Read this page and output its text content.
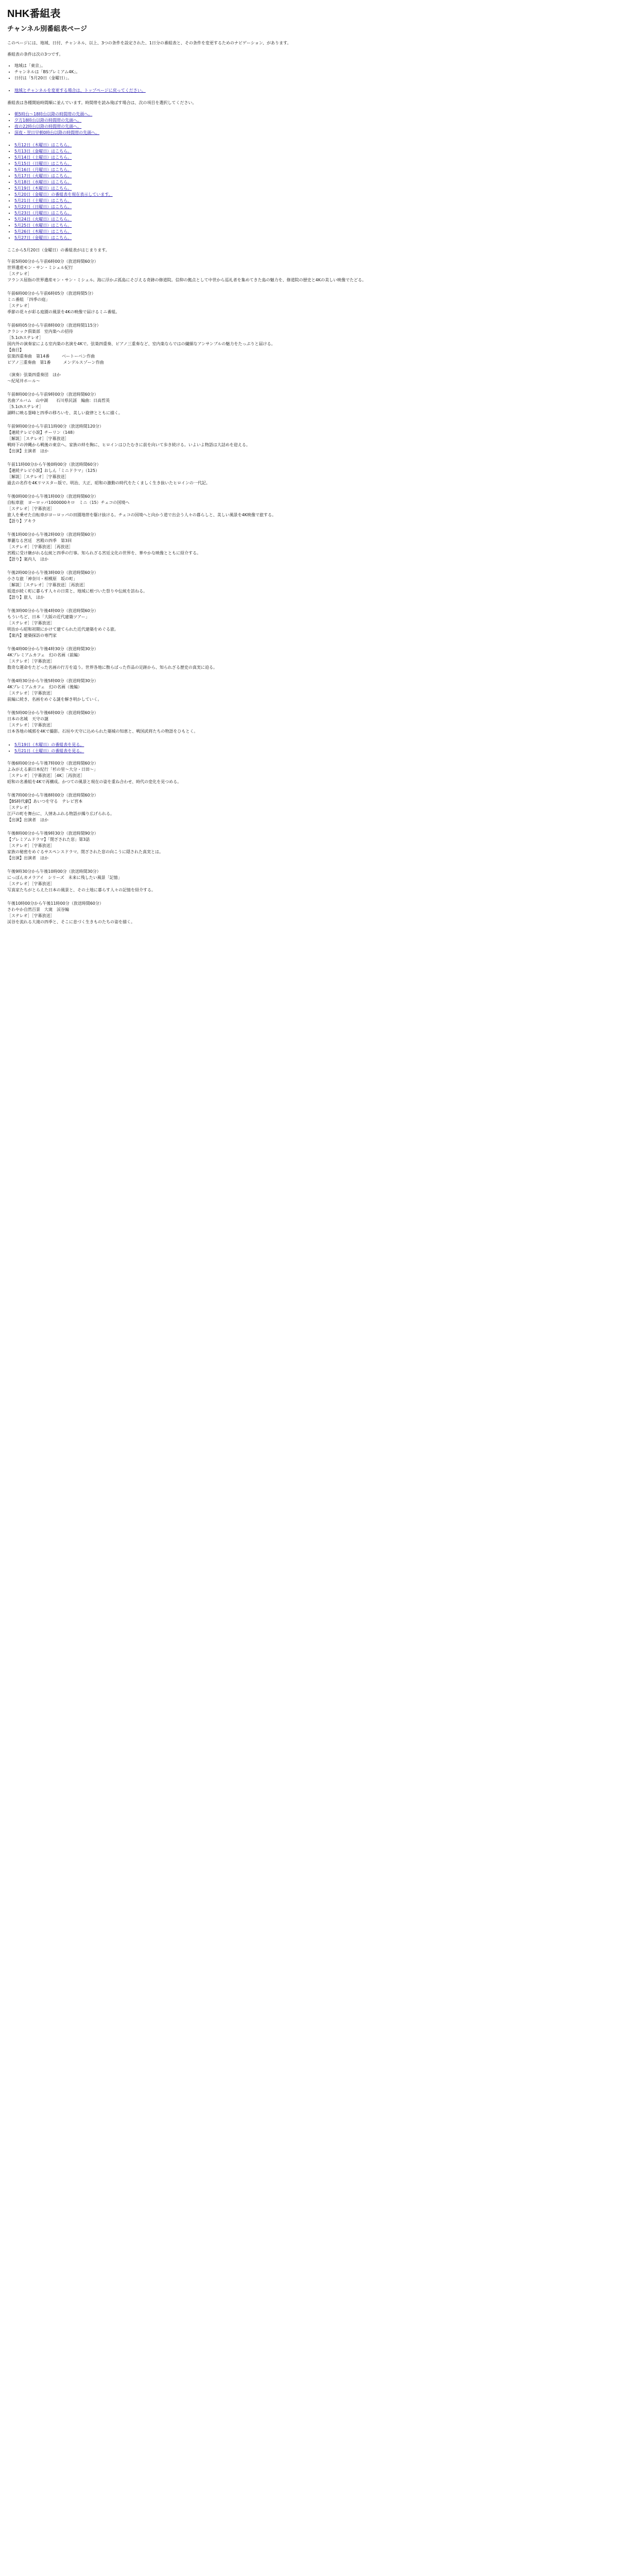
NHK番組表
チャンネル別番組表ページ

このページには、地域、日付、チャンネル、以上、3つの条件を設定された、1日分の番組表と、その条件を変更するためのナビゲーション、があります。

番組表の条件は次の3つです。

• 地域は「東京」。
• チャンネルは「BSプレミアム4K」。
• 日付は「5月20日（金曜日）」。
• 地域とチャンネルを変更する場合は、トップページに戻ってください。

番組表は各種開始時間順に並んでいます。時間帯を読み飛ばす場合は、次の項目を選択してください。

• 朝5時台～18時台以降の時間帯の先頭へ。
• 夕方18時台以降の時間帯の先頭へ。
• 夜の22時台以降の時間帯の先頭へ。
• 深夜・翌日早朝0時台以降の時間帯の先頭へ。
• 5月12日（木曜日）はこちら。
• 5月13日（金曜日）はこちら。
• 5月14日（土曜日）はこちら。
• 5月15日（日曜日）はこちら。
• 5月16日（月曜日）はこちら。
• 5月17日（火曜日）はこちら。
• 5月18日（水曜日）はこちら。
• 5月19日（木曜日）はこちら。
• 5月20日（金曜日）の番組表を現在表示しています。
• 5月21日（土曜日）はこちら。
• 5月22日（日曜日）はこちら。
• 5月23日（月曜日）はこちら。
• 5月24日（火曜日）はこちら。
• 5月25日（水曜日）はこちら。
• 5月26日（木曜日）はこちら。
• 5月27日（金曜日）はこちら。

ここから5月20日（金曜日）の番組表がはじまります。

午前5時00分から午前6時00分（放送時間60分）
世界遺産モン・サン・ミシェル紀行
［ステレオ］
フランス屈指の世界遺産モン・サン・ミシェル。海に浮かぶ孤島にそびえる奇跡の修道院。信仰の拠点として中世から巡礼者を集めてきた島の魅力を、修道院の歴史と4Kの美しい映像でたどる。
午前6時00分から午前6時05分（放送時間5分）
ミニ番組 「四季の庭」
［ステレオ］
季節の花々が彩る庭園の風景を4Kの映像で届けるミニ番組。
午前6時05分から午前8時00分（放送時間115分）
クラシック倶楽部　室内楽への招待
［5.1chステレオ］
国内外の演奏家による室内楽の名演を4Kで。弦楽四重奏、ピアノ三重奏など、室内楽ならではの繊細なアンサンブルの魅力をたっぷりと届ける。
【曲目】
弦楽四重奏曲　第14番　　　ベートーベン作曲
ピアノ三重奏曲　第1番　　　メンデルスゾーン作曲

（演奏）弦楽四重奏団　ほか
～紀尾井ホール～
午前8時00分から午前9時00分（放送時間60分）
名曲アルバム　山中湖　　石川県民謡　編曲：日高哲英
［5.1chステレオ］
湖畔に映る霊峰と四季の移ろいを、美しい旋律とともに描く。
午前9時00分から午前11時00分（放送時間120分）
【連続テレビ小説】チーリン（148）
［解説］［ステレオ］［字幕放送］
戦時下の沖縄から戦後の東京へ。家族の絆を胸に、ヒロインはひたむきに前を向いて歩き続ける。いよいよ物語は大詰めを迎える。
【出演】主演者　ほか
午前11時00分から午後0時00分（放送時間60分）
【連続テレビ小説】おしん「ミニドラマ」（125）
［解説］［ステレオ］［字幕放送］
過去の名作を4Kリマスター版で。明治、大正、昭和の激動の時代をたくましく生き抜いたヒロインの一代記。
午後0時00分から午後1時00分（放送時間60分）
自転車旅　ヨーロッパ1000000キロ　ミニ（15）チェコの国境へ
［ステレオ］［字幕放送］
旅人を乗せた自転車がヨーロッパの田園地帯を駆け抜ける。チェコの国境へと向かう道で出会う人々の暮らしと、美しい風景を4K映像で旅する。
【語り】アキラ
午後1時00分から午後2時00分（放送時間60分）
華麗なる宮廷　宮殿の四季　第3回
［ステレオ］［字幕放送］［再放送］
宮殿に受け継がれる伝統と四季の行事。知られざる宮廷文化の世界を、華やかな映像とともに紹介する。
【語り】案内人　ほか
午後2時00分から午後3時00分（放送時間60分）
小さな旅「神奈川・相模原　坂の町」
［解説］［ステレオ］［字幕放送］［再放送］
坂道が続く町に暮らす人々の日常と、地域に根づいた祭りや伝統を訪ねる。
【語り】旅人　ほか
午後3時00分から午後4時00分（放送時間60分）
もういちど、日本「大阪の近代建築ツアー」
［ステレオ］［字幕放送］
明治から昭和初期にかけて建てられた近代建築をめぐる旅。
【案内】建築探訪の専門家
午後4時00分から午後4時30分（放送時間30分）
4Kプレミアムカフェ　幻の名画（前編）
［ステレオ］［字幕放送］
数奇な運命をたどった名画の行方を追う。世界各地に散らばった作品の足跡から、知られざる歴史の真実に迫る。
午後4時30分から午後5時00分（放送時間30分）
4Kプレミアムカフェ　幻の名画（後編）
［ステレオ］［字幕放送］
前編に続き、名画をめぐる謎を解き明かしていく。
午後5時00分から午後6時00分（放送時間60分）
日本の名城　天守の謎
［ステレオ］［字幕放送］
日本各地の城郭を4Kで撮影。石垣や天守に込められた築城の知恵と、戦国武将たちの物語をひもとく。
• 5月19日（木曜日）の番組表を見る。
• 5月21日（土曜日）の番組表を見る。
午後6時00分から午後7時00分（放送時間60分）
よみがえる新日本紀行「杉の里～大分・日田～」
［ステレオ］［字幕放送］［4K］［再放送］
昭和の名番組を4Kで再構成。かつての風景と現在の姿を重ね合わせ、時代の変化を見つめる。
午後7時00分から午後8時00分（放送時間60分）
【BS時代劇】あいつを守る　テレビ宮本
［ステレオ］
江戸の町を舞台に、人情あふれる物語が繰り広げられる。
【出演】出演者　ほか
午後8時00分から午後9時30分（放送時間90分）
【プレミアムドラマ】「閉ざされた窓」第3話
［ステレオ］［字幕放送］
家族の秘密をめぐるサスペンスドラマ。閉ざされた窓の向こうに隠された真実とは。
【出演】出演者　ほか
午後9時30分から午後10時00分（放送時間30分）
にっぽんカメラアイ　シリーズ　未来に残したい風景「記憶」
［ステレオ］［字幕放送］
写真家たちがとらえた日本の風景と、その土地に暮らす人々の記憶を紹介する。
午後10時00分から午後11時00分（放送時間60分）
さわやか自然百景　大滝　渓谷編
［ステレオ］［字幕放送］
渓谷を流れる大滝の四季と、そこに息づく生きものたちの姿を描く。
